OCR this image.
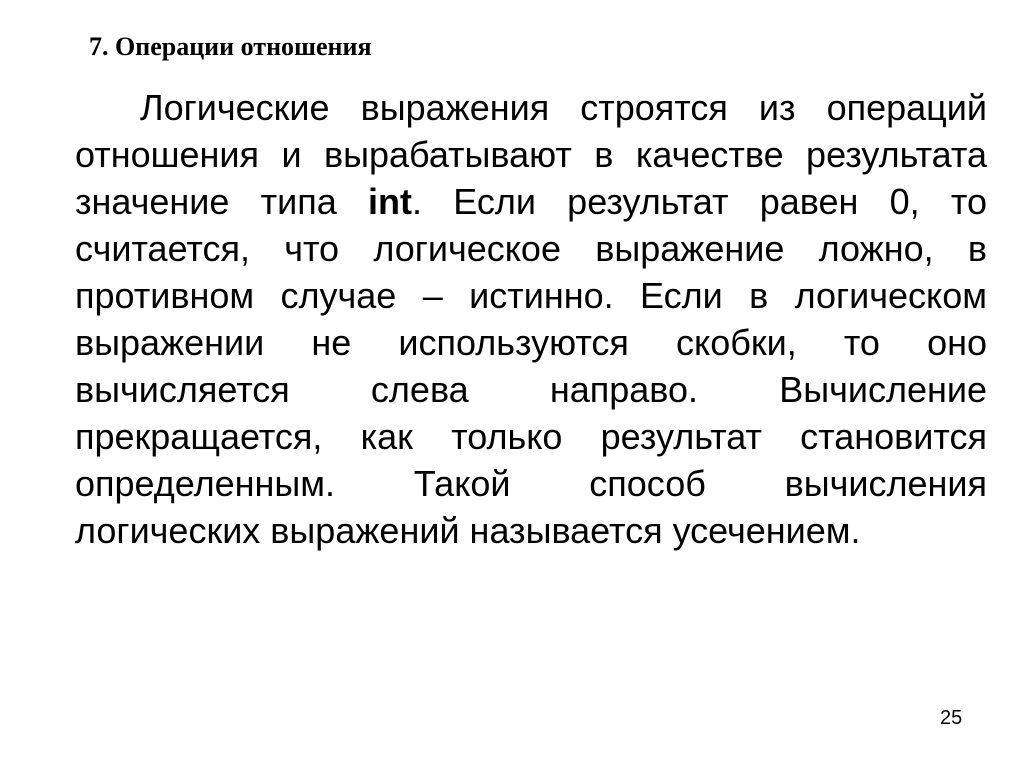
7. Операции отношения
Логические выражения строятся из операций
отношения и вырабатывают в качестве результата
значение типа int. Если результат равен 0, то
считается, что логическое выражение ложно, в
противном случае – истинно. Если в логическом
выражении не используются скобки, то оно
вычисляется слева направо. Вычисление
прекращается, как только результат становится
определенным. Такой способ вычисления
логических выражений называется усечением.
25
